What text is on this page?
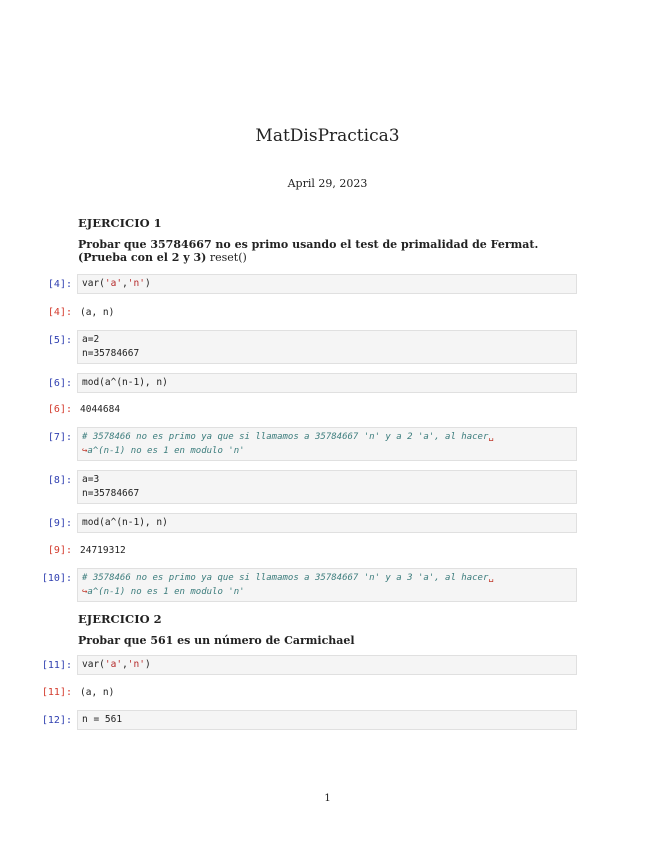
MatDisPractica3
April 29, 2023
EJERCICIO 1
Probar que 35784667 no es primo usando el test de primalidad de Fermat. (Prueba con el 2 y 3) reset()
[4]:	var('a','n')
[4]: (a, n)
[5]: a=2
n=35784667
[6]:	mod(a^(n-1), n)
[6]: 4044684
[7]: # 3578466 no es primo ya que si llamamos a 35784667 'n' y a 2 'a', al hacer␣
↪a^(n-1) no es 1 en modulo 'n'
[8]: a=3
n=35784667
[9]:	mod(a^(n-1), n)
[9]: 24719312
[10]: # 3578466 no es primo ya que si llamamos a 35784667 'n' y a 3 'a', al hacer␣
↪a^(n-1) no es 1 en modulo 'n'
EJERCICIO 2
Probar que 561 es un número de Carmichael
[11]:	var('a','n')
[11]: (a, n)
[12]:	n = 561
1
